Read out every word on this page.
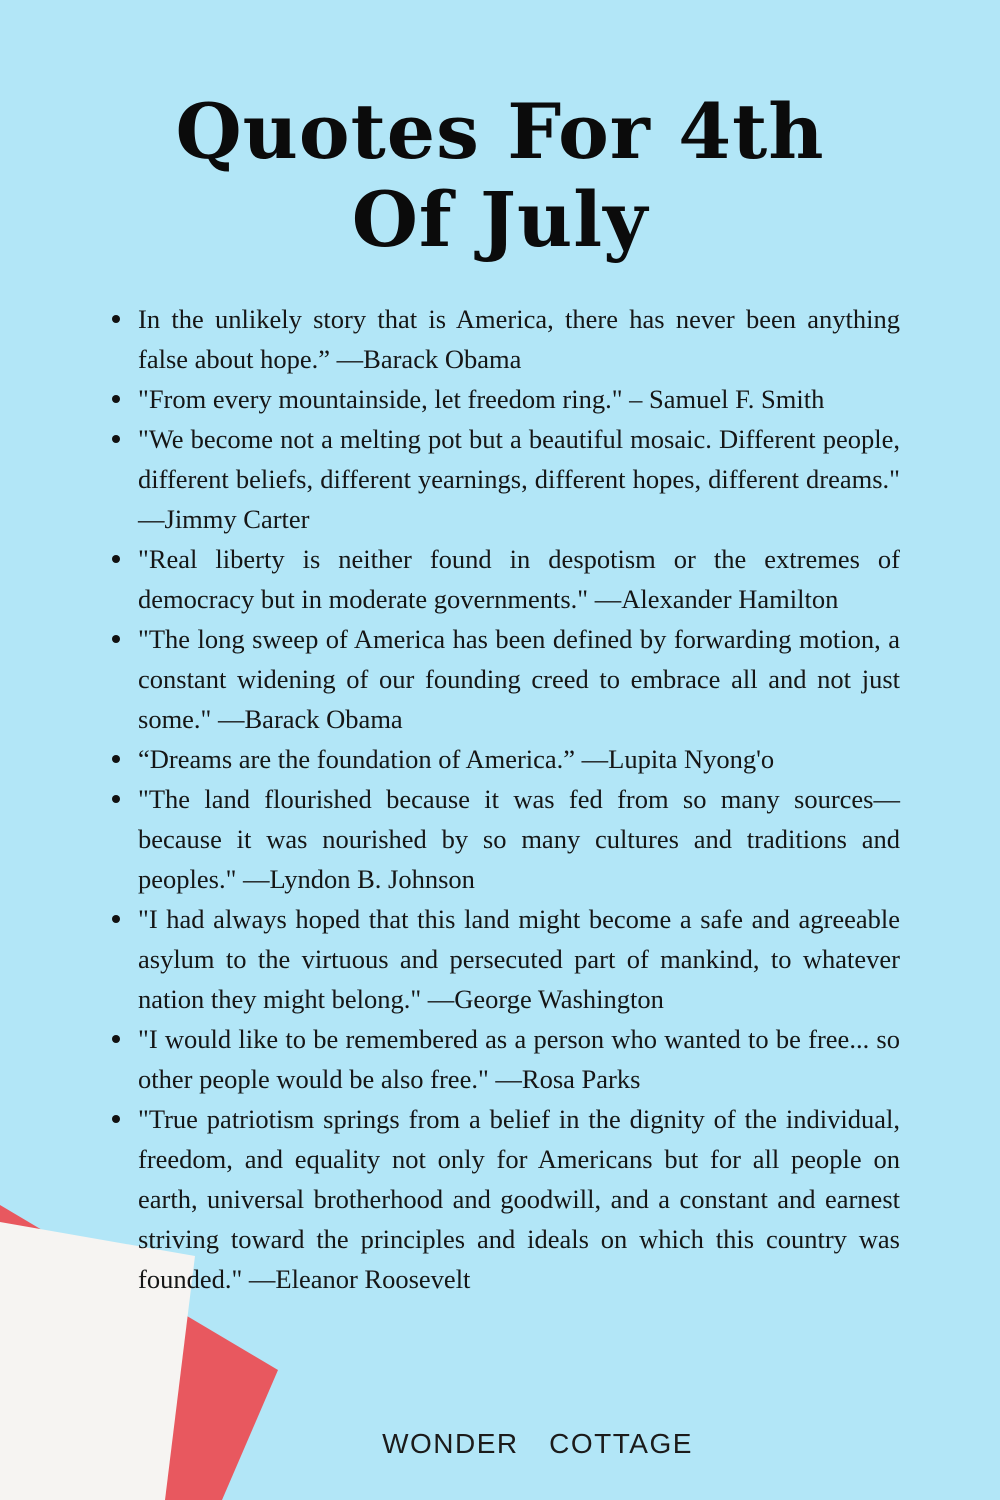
Quotes For 4th
Of July
In the unlikely story that is America, there has never been anything false about hope.” —Barack Obama
"From every mountainside, let freedom ring." – Samuel F. Smith
"We become not a melting pot but a beautiful mosaic. Different people, different beliefs, different yearnings, different hopes, different dreams." —Jimmy Carter
"Real liberty is neither found in despotism or the extremes of democracy but in moderate governments." —Alexander Hamilton
"The long sweep of America has been defined by forwarding motion, a constant widening of our founding creed to embrace all and not just some." —Barack Obama
“Dreams are the foundation of America.” —Lupita Nyong'o
"The land flourished because it was fed from so many sources—because it was nourished by so many cultures and traditions and peoples." —Lyndon B. Johnson
"I had always hoped that this land might become a safe and agreeable asylum to the virtuous and persecuted part of mankind, to whatever nation they might belong." —George Washington
"I would like to be remembered as a person who wanted to be free... so other people would be also free." —Rosa Parks
"True patriotism springs from a belief in the dignity of the individual, freedom, and equality not only for Americans but for all people on earth, universal brotherhood and goodwill, and a constant and earnest striving toward the principles and ideals on which this country was founded." —Eleanor Roosevelt
WONDER  COTTAGE
